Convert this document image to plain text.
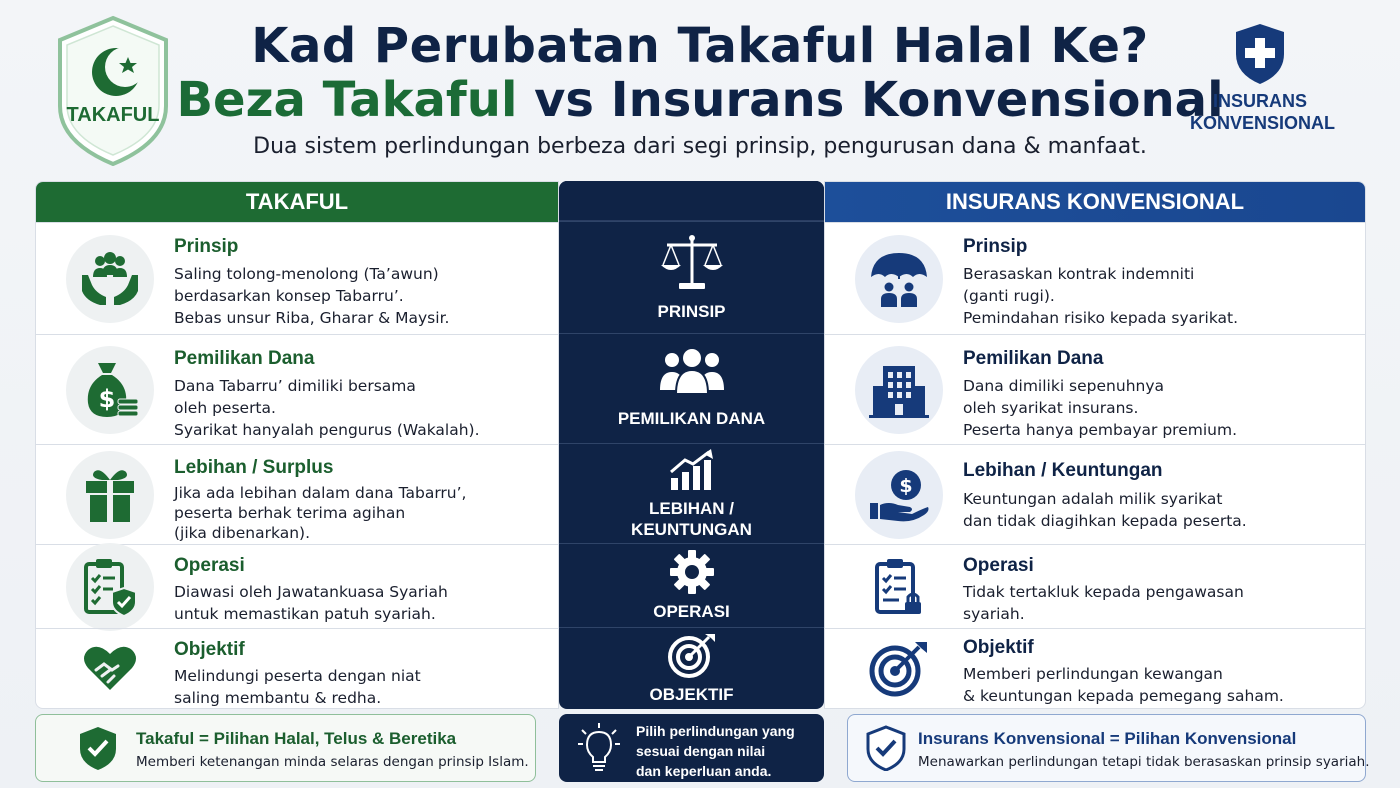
TAKAFUL
Kad Perubatan Takaful Halal Ke?
Beza Takaful vs Insurans Konvensional
Dua sistem perlindungan berbeza dari segi prinsip, pengurusan dana & manfaat.
INSURANS
KONVENSIONAL
TAKAFUL
Prinsip
Saling tolong-menolong (Ta’awun)
berdasarkan konsep Tabarru’.
Bebas unsur Riba, Gharar & Maysir.
$
Pemilikan Dana
Dana Tabarru’ dimiliki bersama
oleh peserta.
Syarikat hanyalah pengurus (Wakalah).
Lebihan / Surplus
Jika ada lebihan dalam dana Tabarru’,
peserta berhak terima agihan
(jika dibenarkan).
Operasi
Diawasi oleh Jawatankuasa Syariah
untuk memastikan patuh syariah.
Objektif
Melindungi peserta dengan niat
saling membantu & redha.
PRINSIP
PEMILIKAN DANA
LEBIHAN /
KEUNTUNGAN
OPERASI
OBJEKTIF
INSURANS KONVENSIONAL
Prinsip
Berasaskan kontrak indemniti
(ganti rugi).
Pemindahan risiko kepada syarikat.
Pemilikan Dana
Dana dimiliki sepenuhnya
oleh syarikat insurans.
Peserta hanya pembayar premium.
$
Lebihan / Keuntungan
Keuntungan adalah milik syarikat
dan tidak diagihkan kepada peserta.
Operasi
Tidak tertakluk kepada pengawasan
syariah.
Objektif
Memberi perlindungan kewangan
& keuntungan kepada pemegang saham.
Takaful = Pilihan Halal, Telus & Beretika
Memberi ketenangan minda selaras dengan prinsip Islam.
Pilih perlindungan yang
sesuai dengan nilai
dan keperluan anda.
Insurans Konvensional = Pilihan Konvensional
Menawarkan perlindungan tetapi tidak berasaskan prinsip syariah.
